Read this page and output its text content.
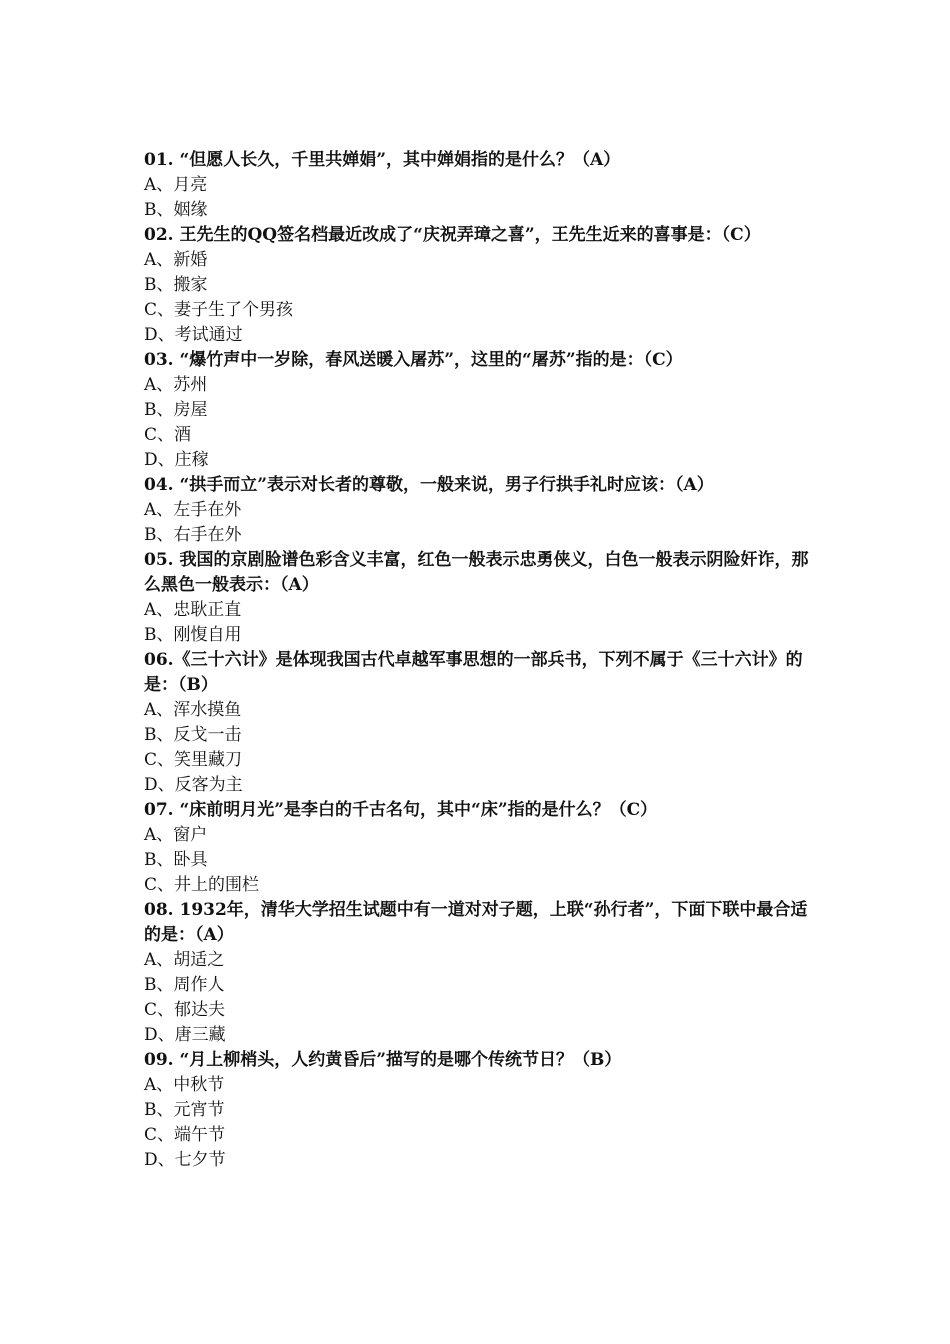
01. “但愿人长久，千里共婵娟”，其中婵娟指的是什么？（A）

A、月亮

B、姻缘

02. 王先生的QQ签名档最近改成了“庆祝弄璋之喜”，王先生近来的喜事是：（C）

A、新婚

B、搬家

C、妻子生了个男孩

D、考试通过

03. “爆竹声中一岁除，春风送暖入屠苏”，这里的“屠苏”指的是：（C）

A、苏州

B、房屋

C、酒

D、庄稼

04. “拱手而立”表示对长者的尊敬，一般来说，男子行拱手礼时应该：（A）

A、左手在外

B、右手在外

05. 我国的京剧脸谱色彩含义丰富，红色一般表示忠勇侠义，白色一般表示阴险奸诈，那么黑色一般表示：（A）

A、忠耿正直

B、刚愎自用

06.《三十六计》是体现我国古代卓越军事思想的一部兵书，下列不属于《三十六计》的是：（B）

A、浑水摸鱼

B、反戈一击

C、笑里藏刀

D、反客为主

07. “床前明月光”是李白的千古名句，其中“床”指的是什么？（C）

A、窗户

B、卧具

C、井上的围栏

08. 1932年，清华大学招生试题中有一道对对子题，上联“孙行者”，下面下联中最合适的是：（A）

A、胡适之

B、周作人

C、郁达夫

D、唐三藏

09. “月上柳梢头，人约黄昏后”描写的是哪个传统节日？（B）

A、中秋节

B、元宵节

C、端午节

D、七夕节
